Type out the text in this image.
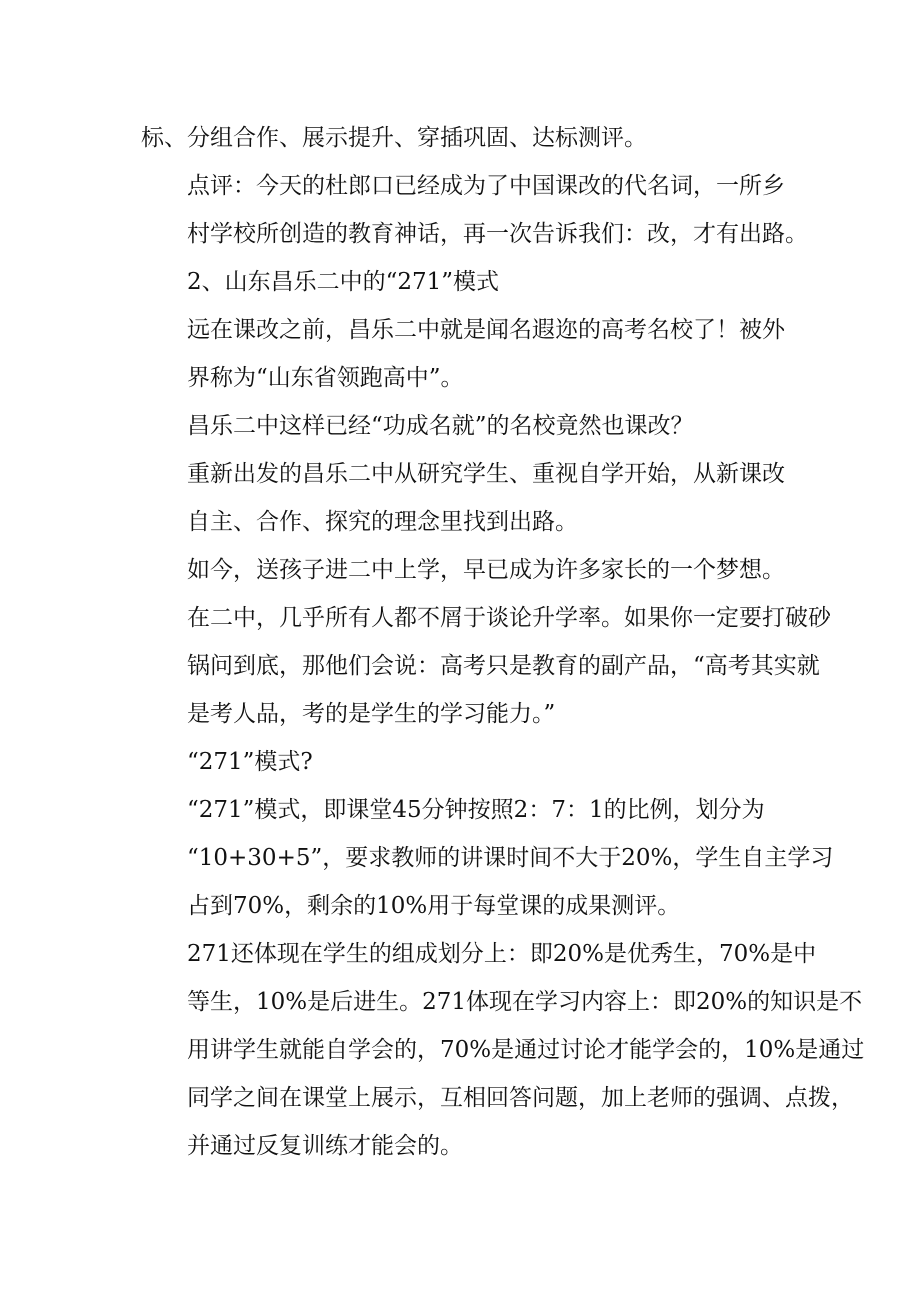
标、分组合作、展示提升、穿插巩固、达标测评。

点评：今天的杜郎口已经成为了中国课改的代名词，一所乡
村学校所创造的教育神话，再一次告诉我们：改，才有出路。

2、山东昌乐二中的“271”模式

远在课改之前，昌乐二中就是闻名遐迩的高考名校了！被外
界称为“山东省领跑高中”。

昌乐二中这样已经“功成名就”的名校竟然也课改？

重新出发的昌乐二中从研究学生、重视自学开始，从新课改
自主、合作、探究的理念里找到出路。

如今，送孩子进二中上学，早已成为许多家长的一个梦想。
在二中，几乎所有人都不屑于谈论升学率。如果你一定要打破砂
锅问到底，那他们会说：高考只是教育的副产品，“高考其实就
是考人品，考的是学生的学习能力。”

“271”模式?

“271”模式，即课堂45分钟按照2：7：1的比例，划分为
“10+30+5”，要求教师的讲课时间不大于20%，学生自主学习
占到70%，剩余的10%用于每堂课的成果测评。

271还体现在学生的组成划分上：即20%是优秀生，70%是中
等生，10%是后进生。271体现在学习内容上：即20%的知识是不
用讲学生就能自学会的，70%是通过讨论才能学会的，10%是通过
同学之间在课堂上展示，互相回答问题，加上老师的强调、点拨，
并通过反复训练才能会的。
